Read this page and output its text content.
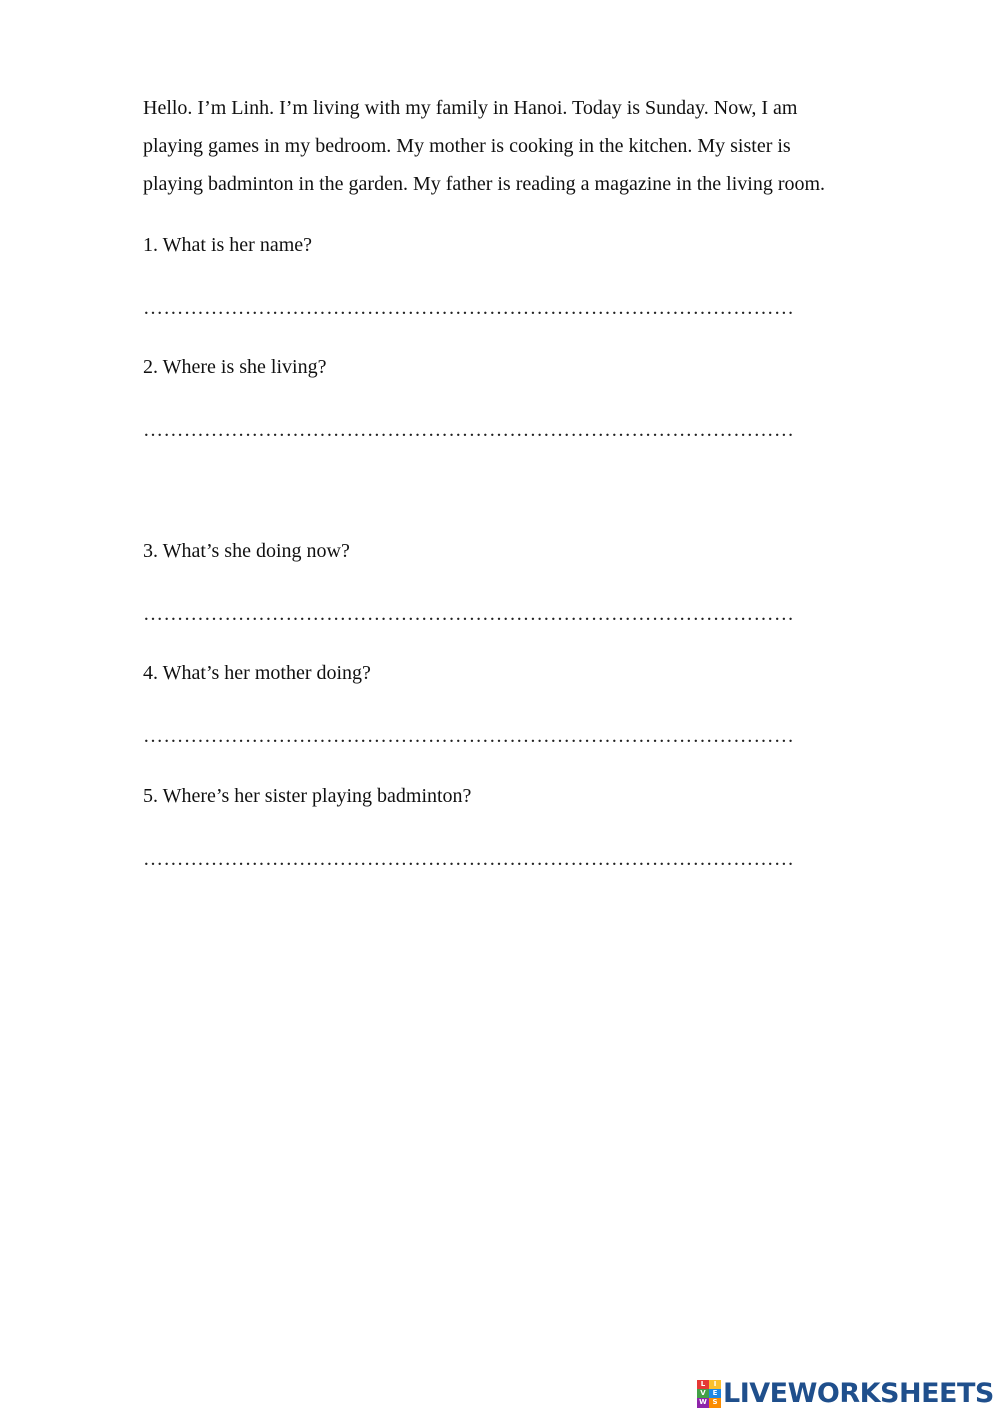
Hello. I’m Linh. I’m living with my family in Hanoi. Today is Sunday. Now, I am
playing games in my bedroom. My mother is cooking in the kitchen. My sister is
playing badminton in the garden. My father is reading a magazine in the living room.
1. What is her name?
……………………………………………………………………………………
2. Where is she living?
……………………………………………………………………………………
3. What’s she doing now?
……………………………………………………………………………………
4. What’s her mother doing?
……………………………………………………………………………………
5. Where’s her sister playing badminton?
……………………………………………………………………………………
L	I
V E
W S LIVEWORKSHEETS
